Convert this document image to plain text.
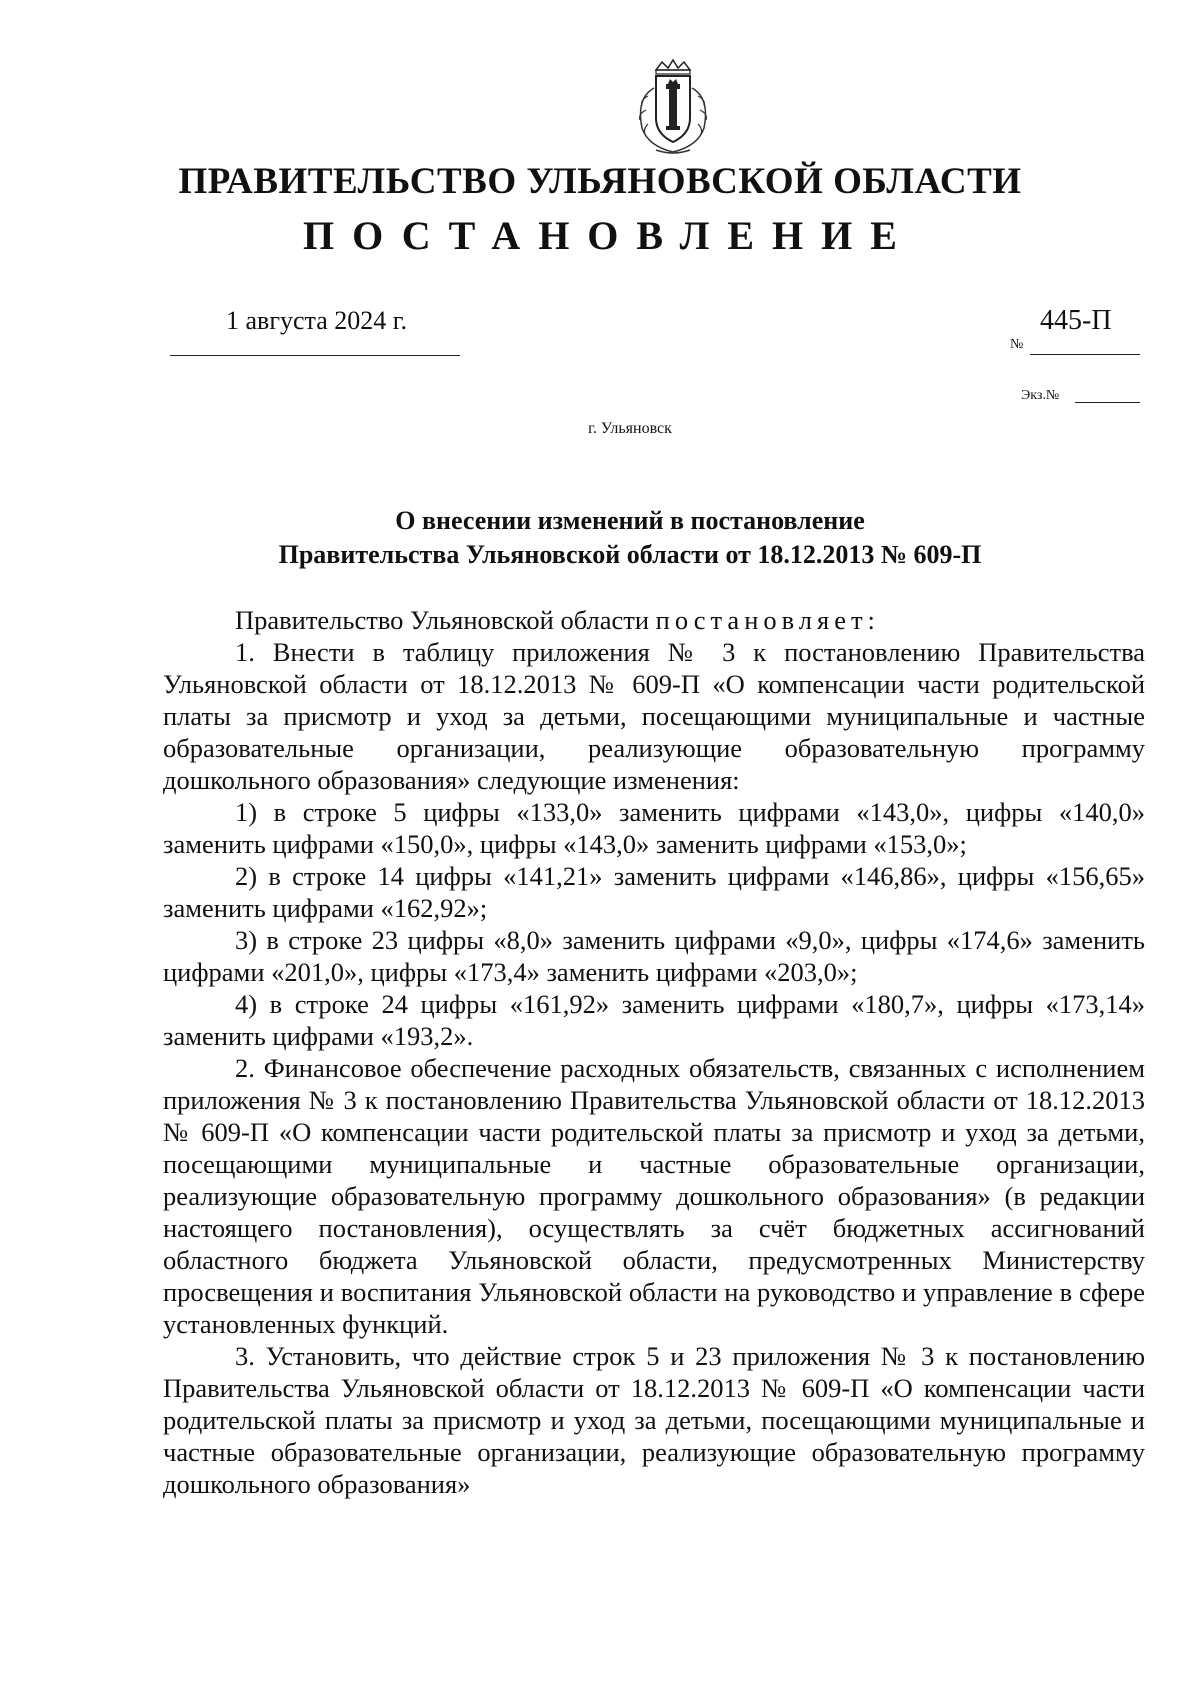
ПРАВИТЕЛЬСТВО УЛЬЯНОВСКОЙ ОБЛАСТИ
ПОСТАНОВЛЕНИЕ
1 августа 2024 г.	445-П
№
Экз.№
г. Ульяновск
О внесении изменений в постановление
Правительства Ульяновской области от 18.12.2013 № 609-П

Правительство Ульяновской области постановляет:

1. Внести в таблицу приложения № 3 к постановлению Правительства Ульяновской области от 18.12.2013 № 609-П «О компенсации части родительской платы за присмотр и уход за детьми, посещающими муниципальные и частные образовательные организации, реализующие образовательную программу дошкольного образования» следующие изменения:

1) в строке 5 цифры «133,0» заменить цифрами «143,0», цифры «140,0» заменить цифрами «150,0», цифры «143,0» заменить цифрами «153,0»;

2) в строке 14 цифры «141,21» заменить цифрами «146,86», цифры «156,65» заменить цифрами «162,92»;

3) в строке 23 цифры «8,0» заменить цифрами «9,0», цифры «174,6» заменить цифрами «201,0», цифры «173,4» заменить цифрами «203,0»;

4) в строке 24 цифры «161,92» заменить цифрами «180,7», цифры «173,14» заменить цифрами «193,2».

2. Финансовое обеспечение расходных обязательств, связанных с исполнением приложения № 3 к постановлению Правительства Ульяновской области от 18.12.2013 № 609-П «О компенсации части родительской платы за присмотр и уход за детьми, посещающими муниципальные и частные образовательные организации, реализующие образовательную программу дошкольного образования» (в редакции настоящего постановления), осуществлять за счёт бюджетных ассигнований областного бюджета Ульяновской области, предусмотренных Министерству просвещения и воспитания Ульяновской области на руководство и управление в сфере установленных функций.

3. Установить, что действие строк 5 и 23 приложения № 3 к постановлению Правительства Ульяновской области от 18.12.2013 № 609-П «О компенсации части родительской платы за присмотр и уход за детьми, посещающими муниципальные и частные образовательные организации, реализующие образовательную программу дошкольного образования»
